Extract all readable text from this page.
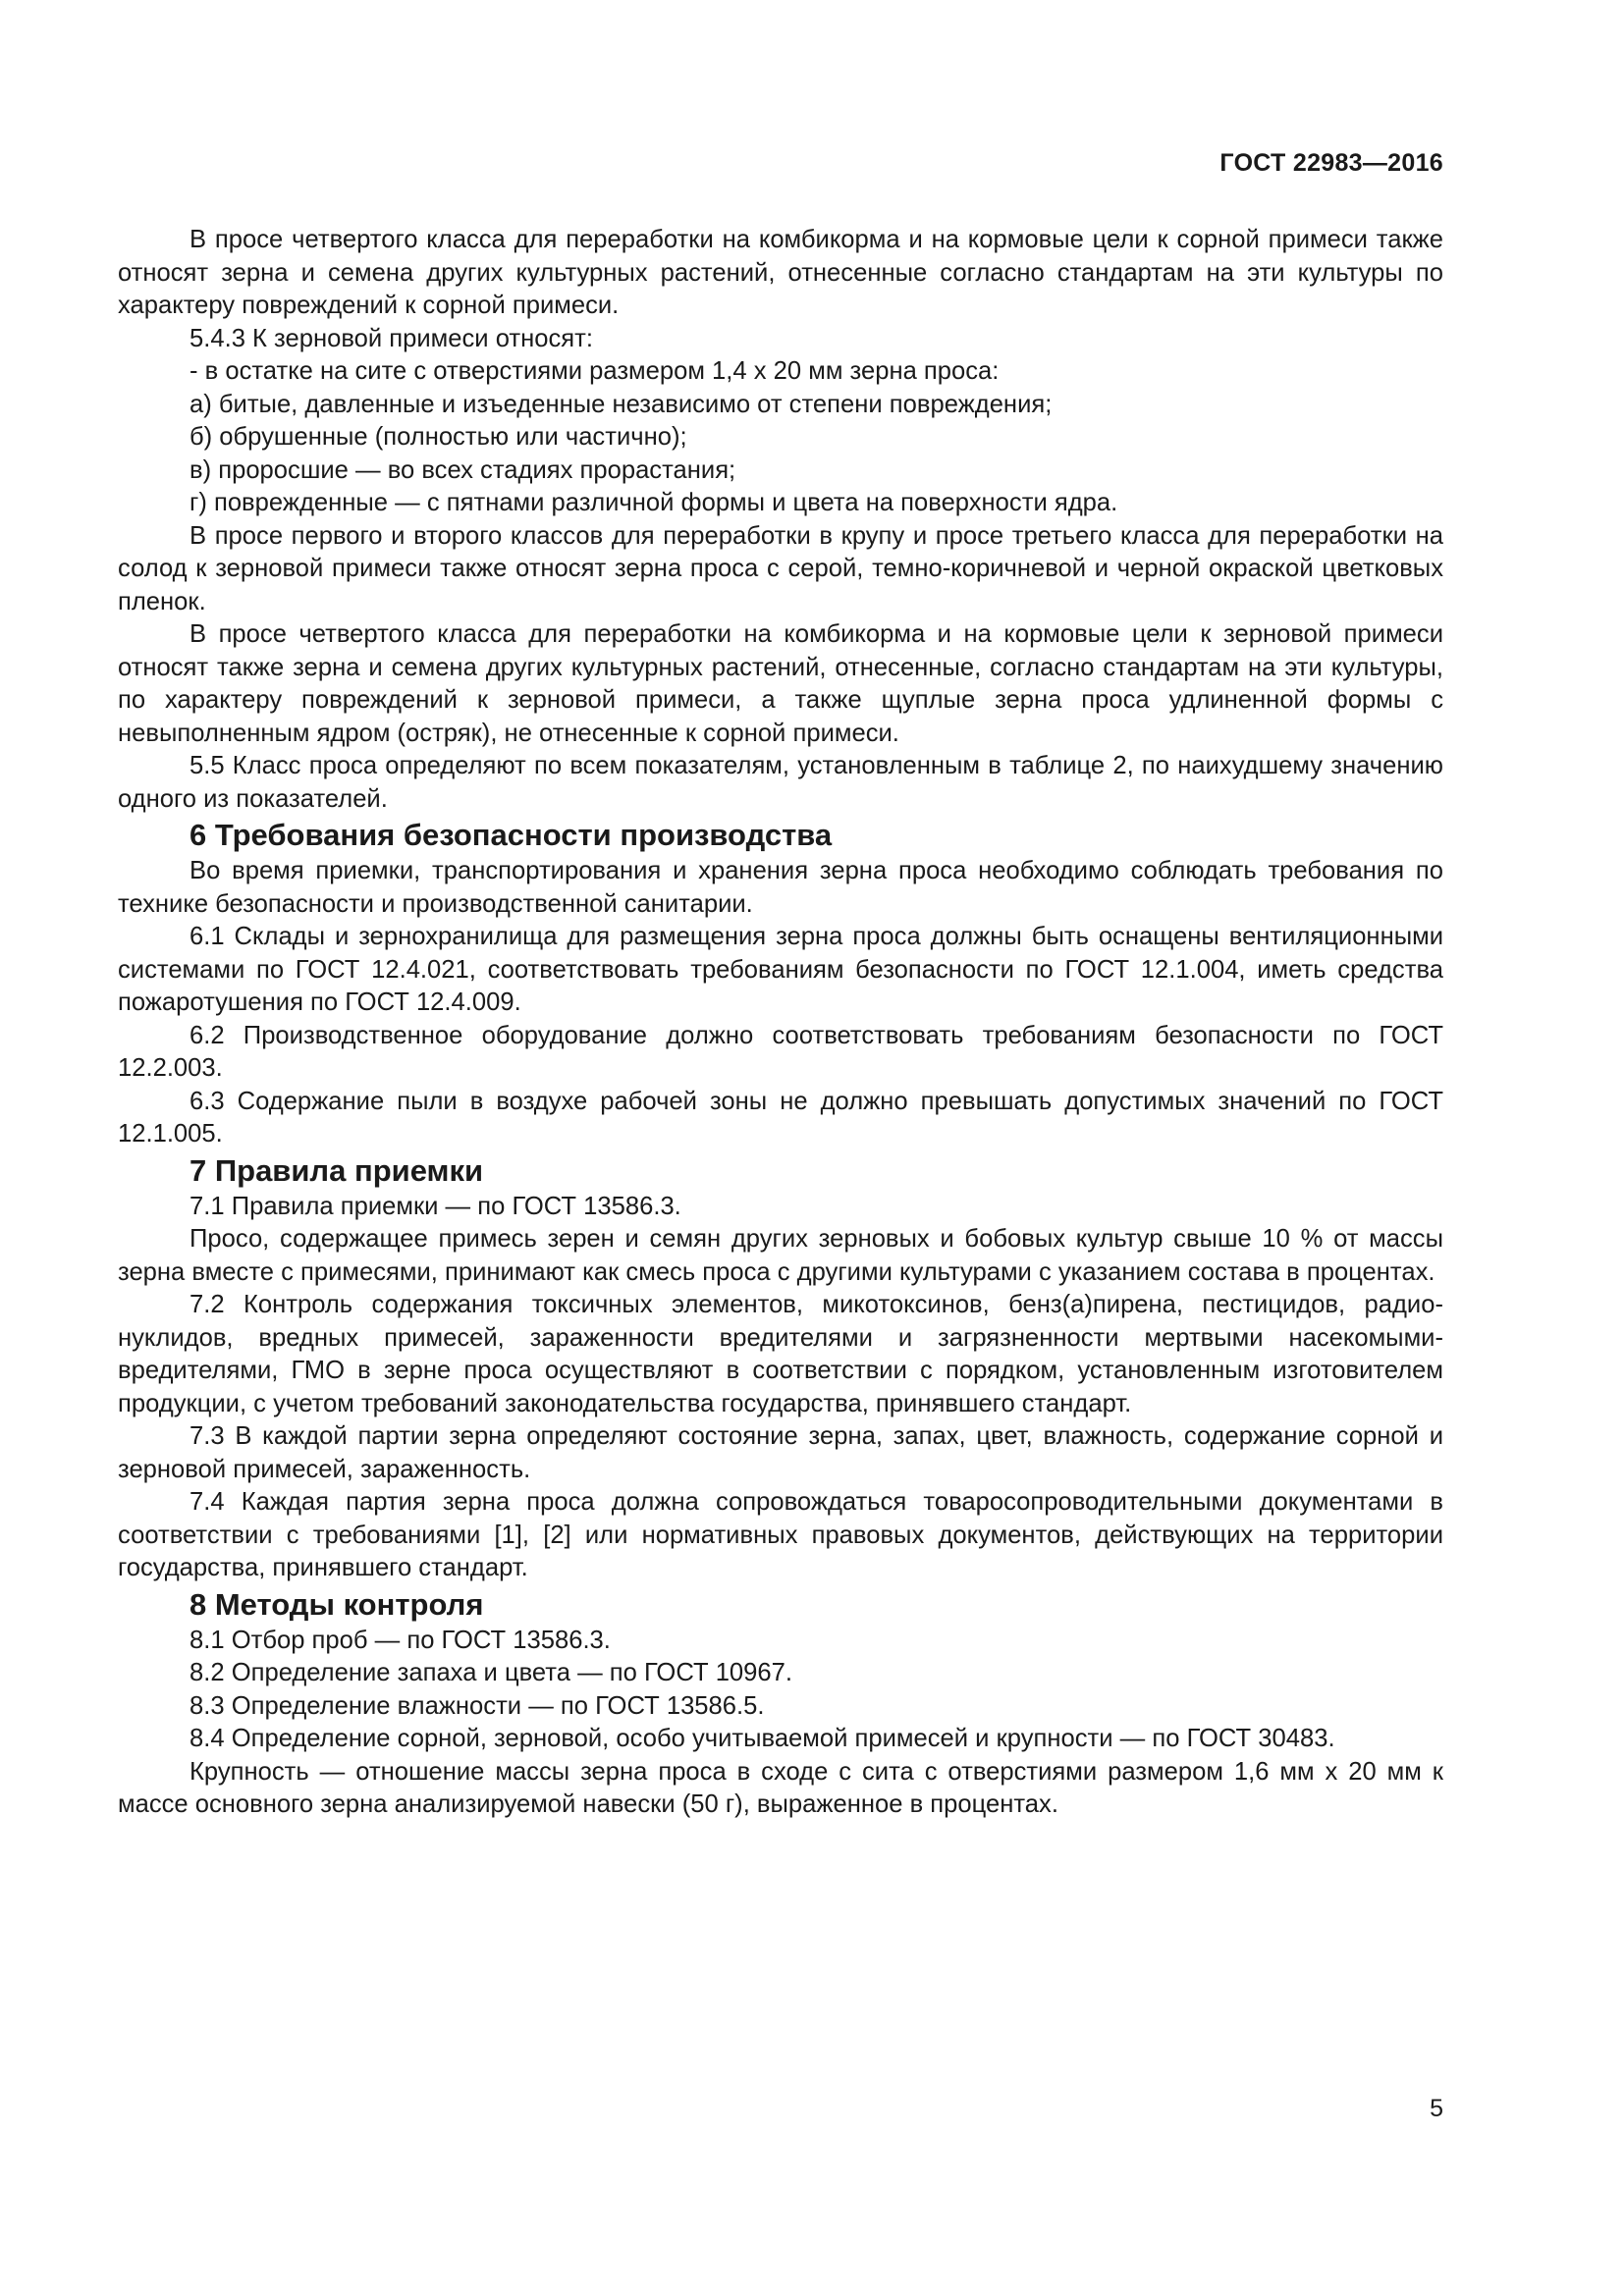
ГОСТ 22983—2016

В просе четвертого класса для переработки на комбикорма и на кормовые цели к сорной примеси также относят зерна и семена других культурных растений, отнесенные согласно стандартам на эти культуры по характеру повреждений к сорной примеси.

5.4.3 К зерновой примеси относят:

- в остатке на сите с отверстиями размером 1,4 х 20 мм зерна проса:

а) битые, давленные и изъеденные независимо от степени повреждения;

б) обрушенные (полностью или частично);

в) проросшие — во всех стадиях прорастания;

г) поврежденные — с пятнами различной формы и цвета на поверхности ядра.

В просе первого и второго классов для переработки в крупу и просе третьего класса для переработки на солод к зерновой примеси также относят зерна проса с серой, темно-коричневой и черной окраской цветковых пленок.

В просе четвертого класса для переработки на комбикорма и на кормовые цели к зерновой примеси относят также зерна и семена других культурных растений, отнесенные, согласно стандартам на эти культуры, по характеру повреждений к зерновой примеси, а также щуплые зерна проса удлиненной формы с невыполненным ядром (остряк), не отнесенные к сорной примеси.

5.5 Класс проса определяют по всем показателям, установленным в таблице 2, по наихудшему значению одного из показателей.

6 Требования безопасности производства

Во время приемки, транспортирования и хранения зерна проса необходимо соблюдать требования по технике безопасности и производственной санитарии.

6.1 Склады и зернохранилища для размещения зерна проса должны быть оснащены вентиляционными системами по ГОСТ 12.4.021, соответствовать требованиям безопасности по ГОСТ 12.1.004, иметь средства пожаротушения по ГОСТ 12.4.009.

6.2 Производственное оборудование должно соответствовать требованиям безопасности по ГОСТ 12.2.003.

6.3 Содержание пыли в воздухе рабочей зоны не должно превышать допустимых значений по ГОСТ 12.1.005.

7 Правила приемки

7.1 Правила приемки — по ГОСТ 13586.3.

Просо, содержащее примесь зерен и семян других зерновых и бобовых культур свыше 10 % от массы зерна вместе с примесями, принимают как смесь проса с другими культурами с указанием состава в процентах.

7.2 Контроль содержания токсичных элементов, микотоксинов, бенз(а)пирена, пестицидов, радионуклидов, вредных примесей, зараженности вредителями и загрязненности мертвыми насекомыми-вредителями, ГМО в зерне проса осуществляют в соответствии с порядком, установленным изготовителем продукции, с учетом требований законодательства государства, принявшего стандарт.

7.3 В каждой партии зерна определяют состояние зерна, запах, цвет, влажность, содержание сорной и зерновой примесей, зараженность.

7.4 Каждая партия зерна проса должна сопровождаться товаросопроводительными документами в соответствии с требованиями [1], [2] или нормативных правовых документов, действующих на территории государства, принявшего стандарт.

8 Методы контроля

8.1 Отбор проб — по ГОСТ 13586.3.

8.2 Определение запаха и цвета — по ГОСТ 10967.

8.3 Определение влажности — по ГОСТ 13586.5.

8.4 Определение сорной, зерновой, особо учитываемой примесей и крупности — по ГОСТ 30483.

Крупность — отношение массы зерна проса в сходе с сита с отверстиями размером 1,6 мм х 20 мм к массе основного зерна анализируемой навески (50 г), выраженное в процентах.

5
